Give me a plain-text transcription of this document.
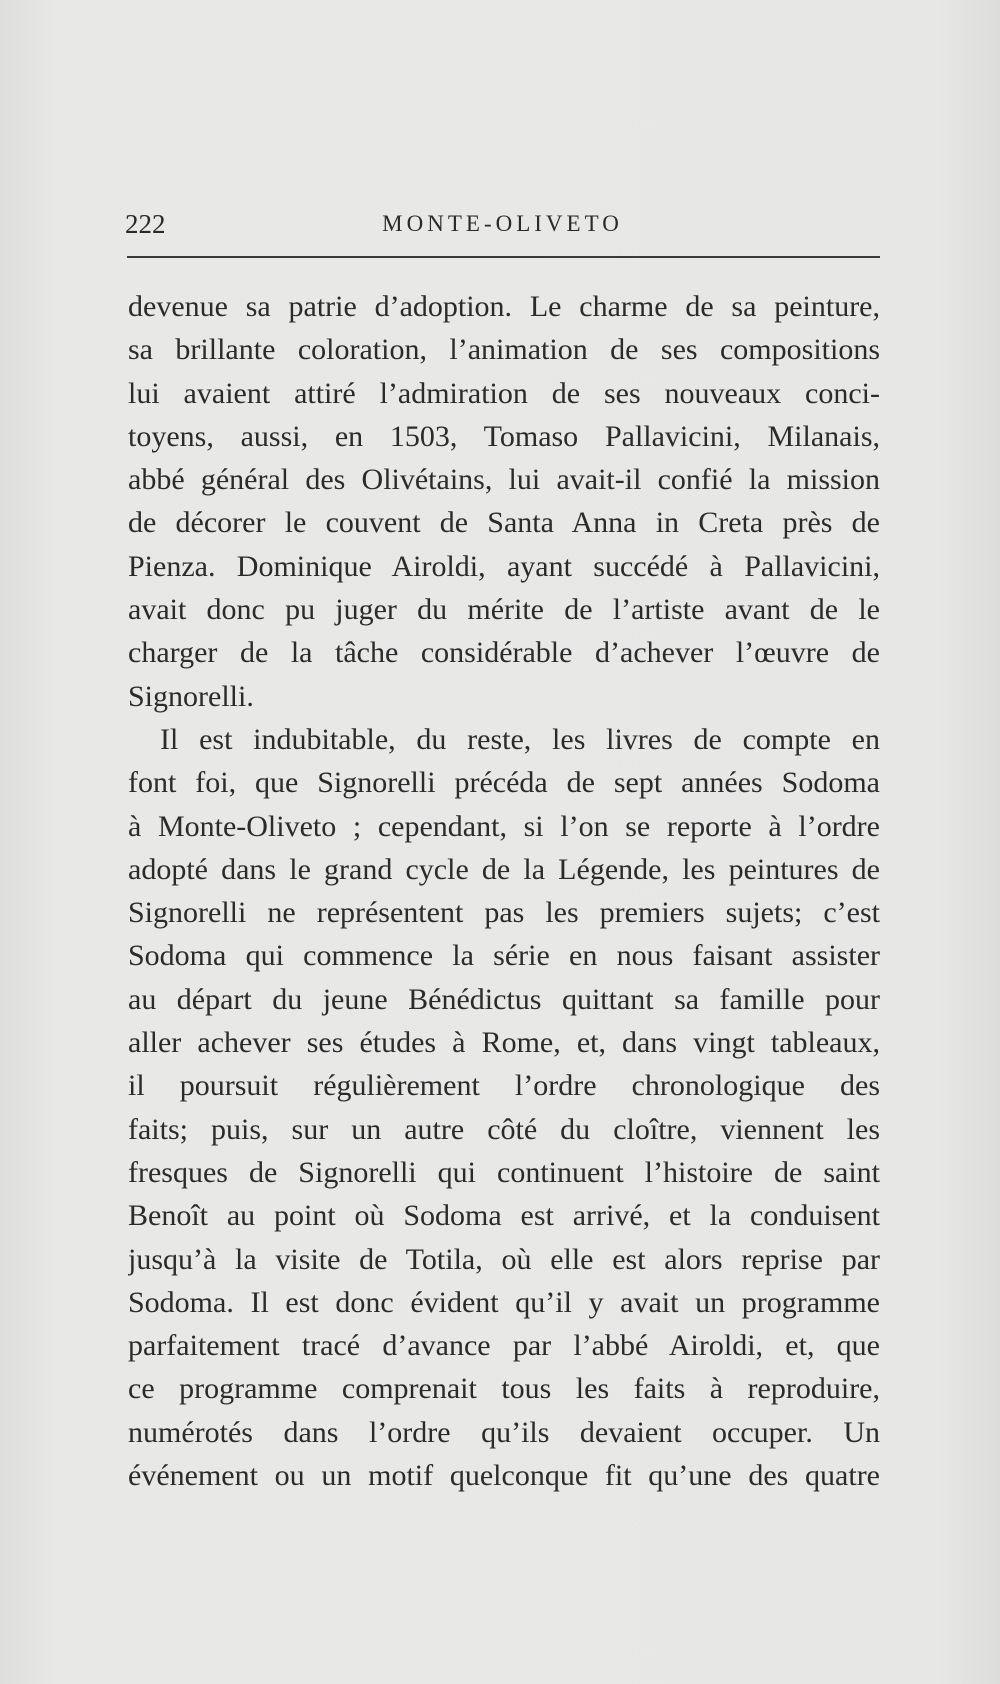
222	MONTE-OLIVETO
devenue sa patrie d’adoption. Le charme de sa peinture,
sa brillante coloration, l’animation de ses compositions
lui avaient attiré l’admiration de ses nouveaux conci-
toyens, aussi, en 1503, Tomaso Pallavicini, Milanais,
abbé général des Olivétains, lui avait-il confié la mission
de décorer le couvent de Santa Anna in Creta près de
Pienza. Dominique Airoldi, ayant succédé à Pallavicini,
avait donc pu juger du mérite de l’artiste avant de le
charger de la tâche considérable d’achever l’œuvre de
Signorelli.
Il est indubitable, du reste, les livres de compte en
font foi, que Signorelli précéda de sept années Sodoma
à Monte-Oliveto ; cependant, si l’on se reporte à l’ordre
adopté dans le grand cycle de la Légende, les peintures de
Signorelli ne représentent pas les premiers sujets; c’est
Sodoma qui commence la série en nous faisant assister
au départ du jeune Bénédictus quittant sa famille pour
aller achever ses études à Rome, et, dans vingt tableaux,
il poursuit régulièrement l’ordre chronologique des
faits; puis, sur un autre côté du cloître, viennent les
fresques de Signorelli qui continuent l’histoire de saint
Benoît au point où Sodoma est arrivé, et la conduisent
jusqu’à la visite de Totila, où elle est alors reprise par
Sodoma. Il est donc évident qu’il y avait un programme
parfaitement tracé d’avance par l’abbé Airoldi, et, que
ce programme comprenait tous les faits à reproduire,
numérotés dans l’ordre qu’ils devaient occuper. Un
événement ou un motif quelconque fit qu’une des quatre
